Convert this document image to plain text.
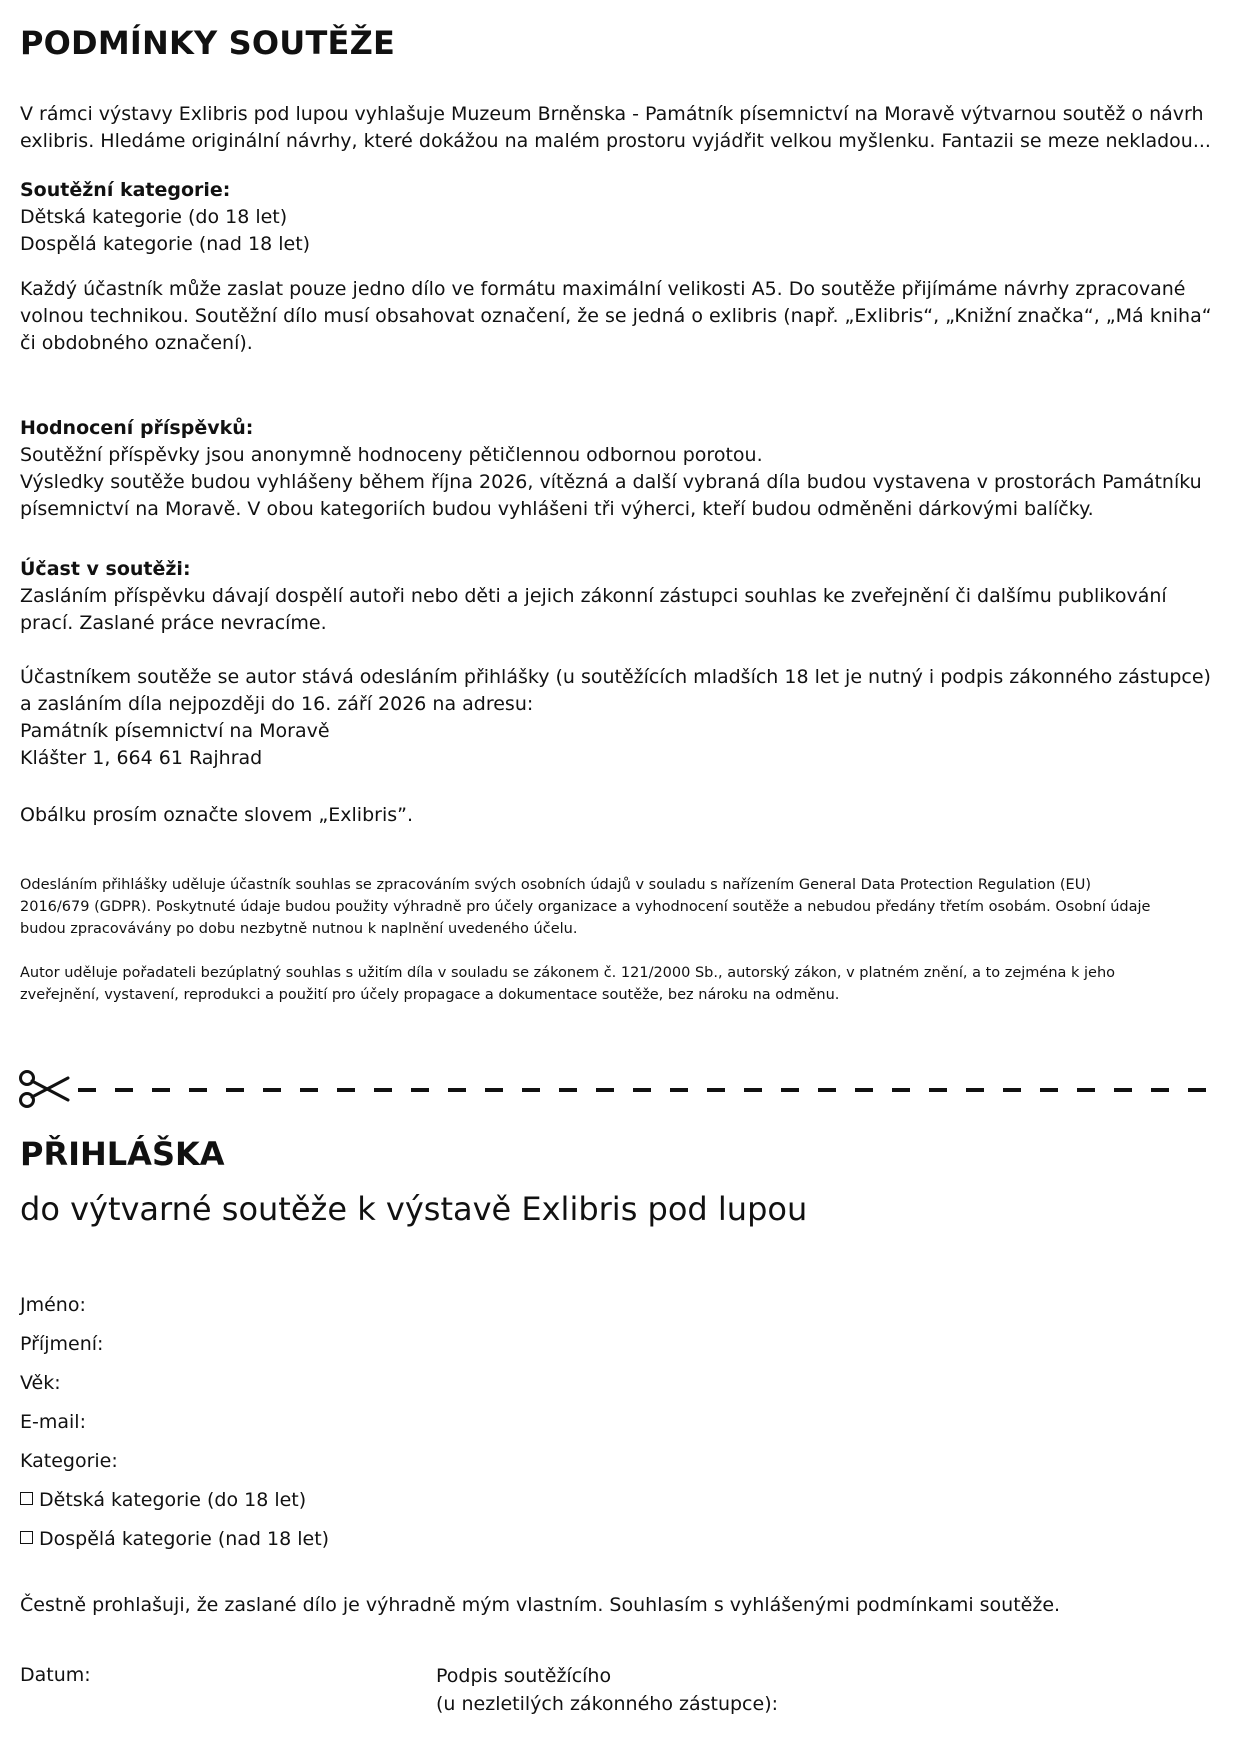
PODMÍNKY SOUTĚŽE

V rámci výstavy Exlibris pod lupou vyhlašuje Muzeum Brněnska - Památník písemnictví na Moravě výtvarnou soutěž o návrh
exlibris. Hledáme originální návrhy, které dokážou na malém prostoru vyjádřit velkou myšlenku. Fantazii se meze nekladou...

Soutěžní kategorie:
Dětská kategorie (do 18 let)
Dospělá kategorie (nad 18 let)

Každý účastník může zaslat pouze jedno dílo ve formátu maximální velikosti A5. Do soutěže přijímáme návrhy zpracované
volnou technikou. Soutěžní dílo musí obsahovat označení, že se jedná o exlibris (např. „Exlibris“, „Knižní značka“, „Má kniha“
či obdobného označení).

Hodnocení příspěvků:
Soutěžní příspěvky jsou anonymně hodnoceny pětičlennou odbornou porotou.
Výsledky soutěže budou vyhlášeny během října 2026, vítězná a další vybraná díla budou vystavena v prostorách Památníku
písemnictví na Moravě. V obou kategoriích budou vyhlášeni tři výherci, kteří budou odměněni dárkovými balíčky.

Účast v soutěži:
Zasláním příspěvku dávají dospělí autoři nebo děti a jejich zákonní zástupci souhlas ke zveřejnění či dalšímu publikování
prací. Zaslané práce nevracíme.

Účastníkem soutěže se autor stává odesláním přihlášky (u soutěžících mladších 18 let je nutný i podpis zákonného zástupce)
a zasláním díla nejpozději do 16. září 2026 na adresu:
Památník písemnictví na Moravě
Klášter 1, 664 61 Rajhrad

Obálku prosím označte slovem „Exlibris”.

Odesláním přihlášky uděluje účastník souhlas se zpracováním svých osobních údajů v souladu s nařízením General Data Protection Regulation (EU)
2016/679 (GDPR). Poskytnuté údaje budou použity výhradně pro účely organizace a vyhodnocení soutěže a nebudou předány třetím osobám. Osobní údaje
budou zpracovávány po dobu nezbytně nutnou k naplnění uvedeného účelu.

Autor uděluje pořadateli bezúplatný souhlas s užitím díla v souladu se zákonem č. 121/2000 Sb., autorský zákon, v platném znění, a to zejména k jeho
zveřejnění, vystavení, reprodukci a použití pro účely propagace a dokumentace soutěže, bez nároku na odměnu.

PŘIHLÁŠKA
do výtvarné soutěže k výstavě Exlibris pod lupou
Jméno:
Příjmení:
Věk:
E-mail:
Kategorie:
Dětská kategorie (do 18 let)
Dospělá kategorie (nad 18 let)
Čestně prohlašuji, že zaslané dílo je výhradně mým vlastním. Souhlasím s vyhlášenými podmínkami soutěže.
Datum:	Podpis soutěžícího
(u nezletilých zákonného zástupce):
